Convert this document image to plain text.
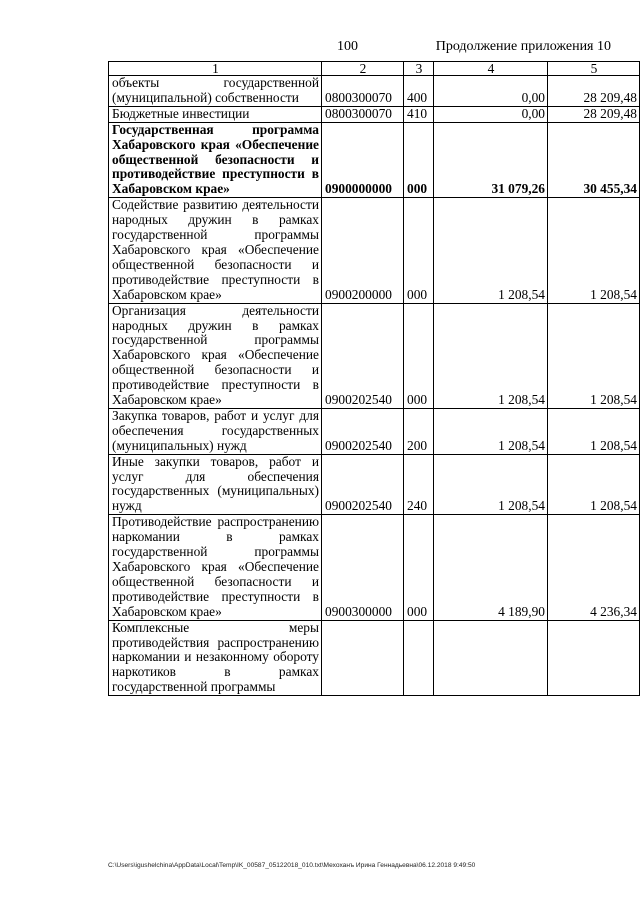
100	Продолжение приложения 10
1	2	3	4	5
объекты государственной (муниципальной) собственности	0800300070	400	0,00	28 209,48
Бюджетные инвестиции	0800300070	410	0,00	28 209,48
Государственная программа Хабаровского края «Обеспечение общественной безопасности и противодействие преступности в Хабаровском крае»	0900000000	000	31 079,26	30 455,34
Содействие развитию деятельности народных дружин в рамках государственной программы Хабаровского края «Обеспечение общественной безопасности и противодействие преступности в Хабаровском крае»	0900200000	000	1 208,54	1 208,54
Организация деятельности народных дружин в рамках государственной программы Хабаровского края «Обеспечение общественной безопасности и противодействие преступности в Хабаровском крае»	0900202540	000	1 208,54	1 208,54
Закупка товаров, работ и услуг для обеспечения государственных (муниципальных) нужд	0900202540	200	1 208,54	1 208,54
Иные закупки товаров, работ и услуг для обеспечения государственных (муниципальных) нужд	0900202540	240	1 208,54	1 208,54
Противодействие распространению наркомании в рамках государственной программы Хабаровского края «Обеспечение общественной безопасности и противодействие преступности в Хабаровском крае»	0900300000	000	4 189,90	4 236,34
Комплексные меры противодействия распространению наркомании и незаконному обороту наркотиков в рамках государственной программы				
C:\Users\igushelchina\AppData\Local\Temp\IK_00587_05122018_010.txt\Мехоханъ Ирина Геннадьевна\06.12.2018 9:49:50
